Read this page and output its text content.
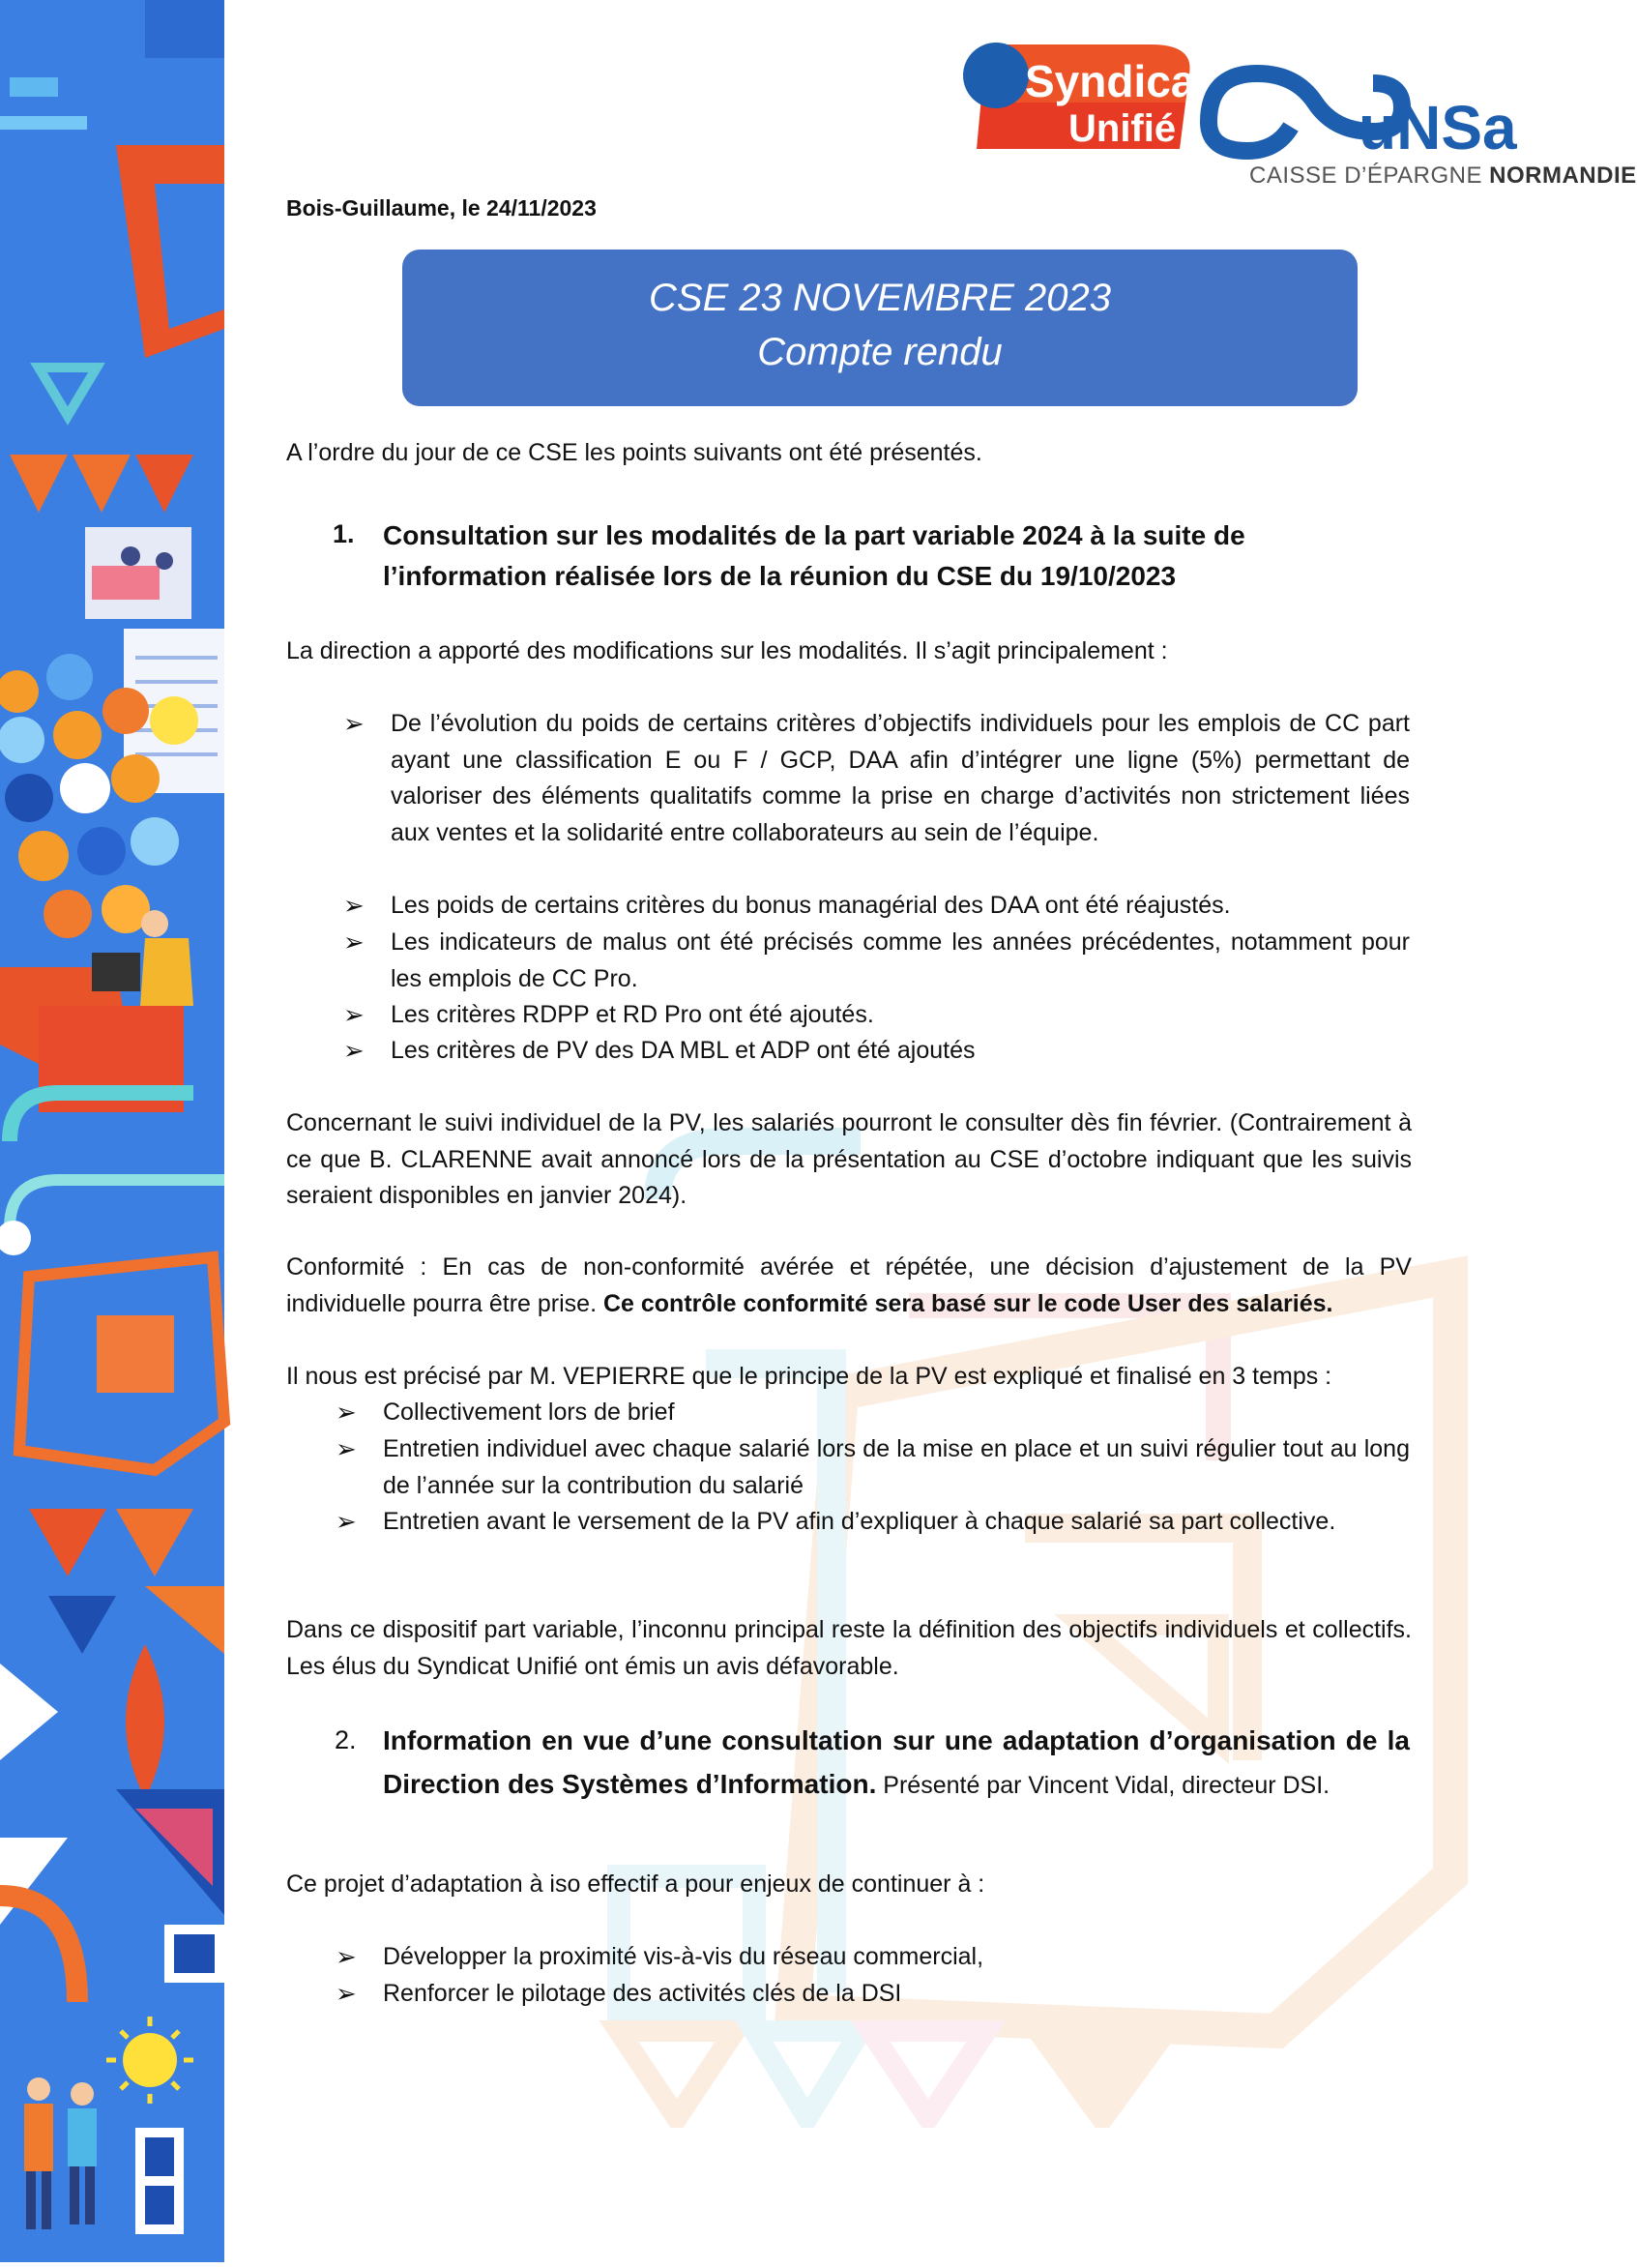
Syndicat
Unifié	uNSa
CAISSE D’ÉPARGNE NORMANDIE
Bois-Guillaume, le 24/11/2023
CSE 23 NOVEMBRE 2023
Compte rendu
A l’ordre du jour de ce CSE les points suivants ont été présentés.
1. Consultation sur les modalités de la part variable 2024 à la suite de
l’information réalisée lors de la réunion du CSE du 19/10/2023
La direction a apporté des modifications sur les modalités. Il s’agit principalement :
➢ De l’évolution du poids de certains critères d’objectifs individuels pour les emplois de CC part ayant une classification E ou F / GCP, DAA afin d’intégrer une ligne (5%) permettant de valoriser des éléments qualitatifs comme la prise en charge d’activités non strictement liées aux ventes et la solidarité entre collaborateurs au sein de l’équipe.
➢ Les poids de certains critères du bonus managérial des DAA ont été réajustés.
➢ Les indicateurs de malus ont été précisés comme les années précédentes, notamment pour les emplois de CC Pro.
➢ Les critères RDPP et RD Pro ont été ajoutés.
➢ Les critères de PV des DA MBL et ADP ont été ajoutés
Concernant le suivi individuel de la PV, les salariés pourront le consulter dès fin février. (Contrairement à ce que B. CLARENNE avait annoncé lors de la présentation au CSE d’octobre indiquant que les suivis seraient disponibles en janvier 2024).
Conformité : En cas de non-conformité avérée et répétée, une décision d’ajustement de la PV individuelle pourra être prise. Ce contrôle conformité sera basé sur le code User des salariés.
Il nous est précisé par M. VEPIERRE que le principe de la PV est expliqué et finalisé en 3 temps :
➢ Collectivement lors de brief
➢ Entretien individuel avec chaque salarié lors de la mise en place et un suivi régulier tout au long de l’année sur la contribution du salarié
➢ Entretien avant le versement de la PV afin d’expliquer à chaque salarié sa part collective.
Dans ce dispositif part variable, l’inconnu principal reste la définition des objectifs individuels et collectifs. Les élus du Syndicat Unifié ont émis un avis défavorable.
2. Information en vue d’une consultation sur une adaptation d’organisation de la Direction des Systèmes d’Information. Présenté par Vincent Vidal, directeur DSI.
Ce projet d’adaptation à iso effectif a pour enjeux de continuer à :
➢ Développer la proximité vis-à-vis du réseau commercial,
➢ Renforcer le pilotage des activités clés de la DSI
